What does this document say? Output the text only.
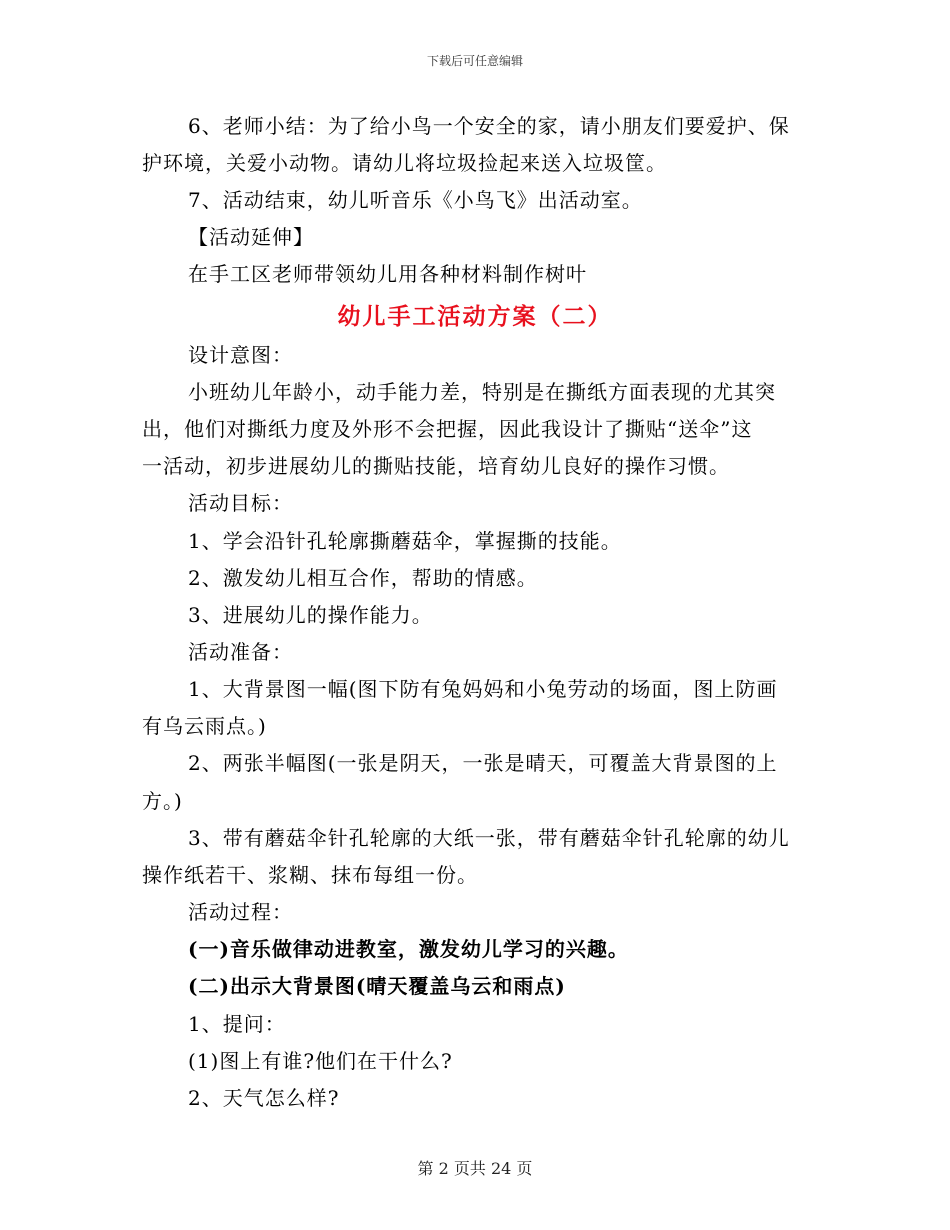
下载后可任意编辑
6、老师小结：为了给小鸟一个安全的家，请小朋友们要爱护、保
护环境，关爱小动物。请幼儿将垃圾捡起来送入垃圾筐。
7、活动结束，幼儿听音乐《小鸟飞》出活动室。
【活动延伸】
在手工区老师带领幼儿用各种材料制作树叶
幼儿手工活动方案（二）
设计意图：
小班幼儿年龄小，动手能力差，特别是在撕纸方面表现的尤其突
出，他们对撕纸力度及外形不会把握，因此我设计了撕贴“送伞”这
一活动，初步进展幼儿的撕贴技能，培育幼儿良好的操作习惯。
活动目标：
1、学会沿针孔轮廓撕蘑菇伞，掌握撕的技能。
2、激发幼儿相互合作，帮助的情感。
3、进展幼儿的操作能力。
活动准备：
1、大背景图一幅(图下防有兔妈妈和小兔劳动的场面，图上防画
有乌云雨点。)
2、两张半幅图(一张是阴天，一张是晴天，可覆盖大背景图的上
方。)
3、带有蘑菇伞针孔轮廓的大纸一张，带有蘑菇伞针孔轮廓的幼儿
操作纸若干、浆糊、抹布每组一份。
活动过程：
(一)音乐做律动进教室，激发幼儿学习的兴趣。
(二)出示大背景图(晴天覆盖乌云和雨点)
1、提问：
(1)图上有谁?他们在干什么?
2、天气怎么样?
第 2 页共 24 页
